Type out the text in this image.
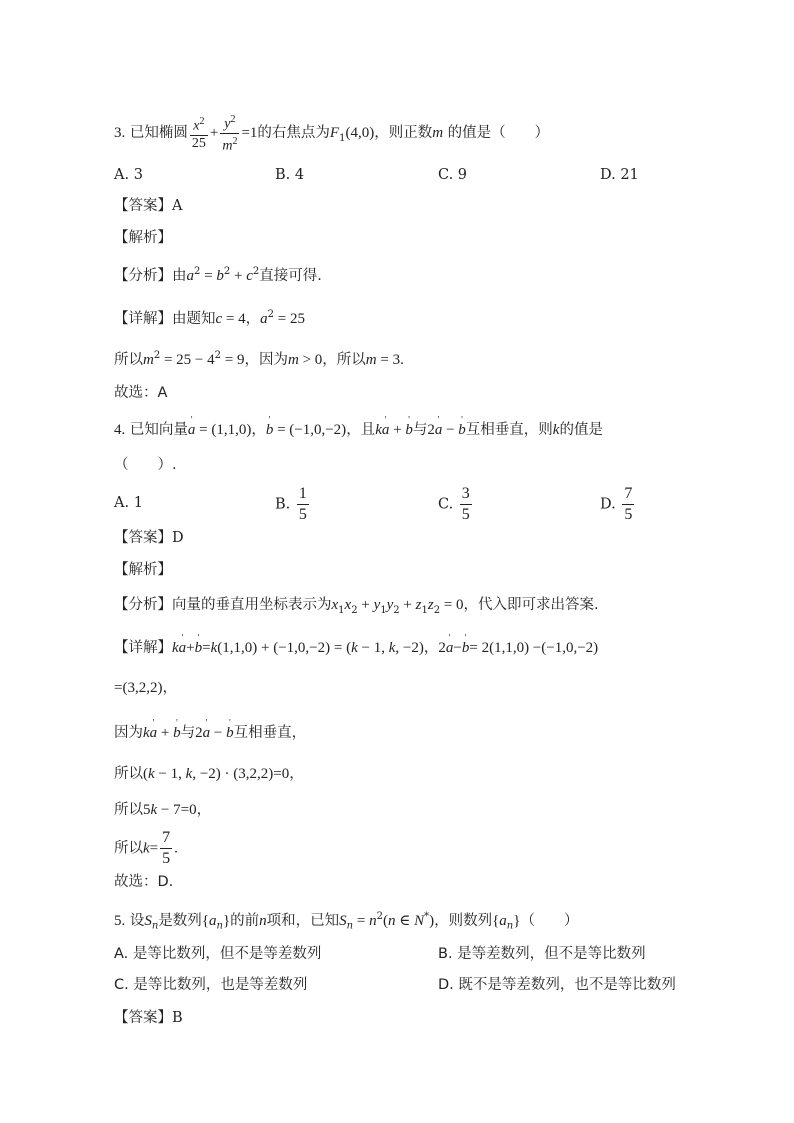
3. 已知椭圆 $\frac{x^2}{25} + \frac{y^2}{m^2} =1$的右焦点为$F_1(4,0)$，则正数m 的值是（　　）
A. 3	B. 4	C. 9	D. 21
【答案】A
【解析】
【分析】由$a^2 = b^2 + c^2$直接可得.
【详解】由题知c = 4，$a^2 = 25$
所以$m^2 = 25 - 4^2 = 9$，因为m > 0，所以m = 3.
故选：A
4. 已知向量' a = (1,1,0)，' b = (−1,0,−2)，且k' a + ' b与2' a − ' b互相垂直，则k的值是
（　　）.
A. 1	B. $\frac{1}{5}$	C. $\frac{3}{5}$	D. $\frac{7}{5}$
【答案】D
【解析】
【分析】向量的垂直用坐标表示为$x_1x_2 + y_1y_2 + z_1z_2 = 0$，代入即可求出答案.
【详解】k' a+' b=k(1,1,0) + (−1,0,−2) = (k − 1, k, −2)，2' a−' b= 2(1,1,0) −(−1,0,−2)
=(3,2,2)，
因为k' a + ' b与2' a − ' b互相垂直，
所以(k − 1, k, −2) · (3,2,2)=0，
所以5k − 7=0，
所以$k= \frac{7}{5}$ .
故选：D.
5. 设$S_n$是数列$\{a_n\}$的前n项和，已知$S_n = n^2(n$ ∈ N*)，则数列$\{a_n\}$（　　）
A. 是等比数列，但不是等差数列	B. 是等差数列，但不是等比数列
C. 是等比数列，也是等差数列	D. 既不是等差数列，也不是等比数列
【答案】B
